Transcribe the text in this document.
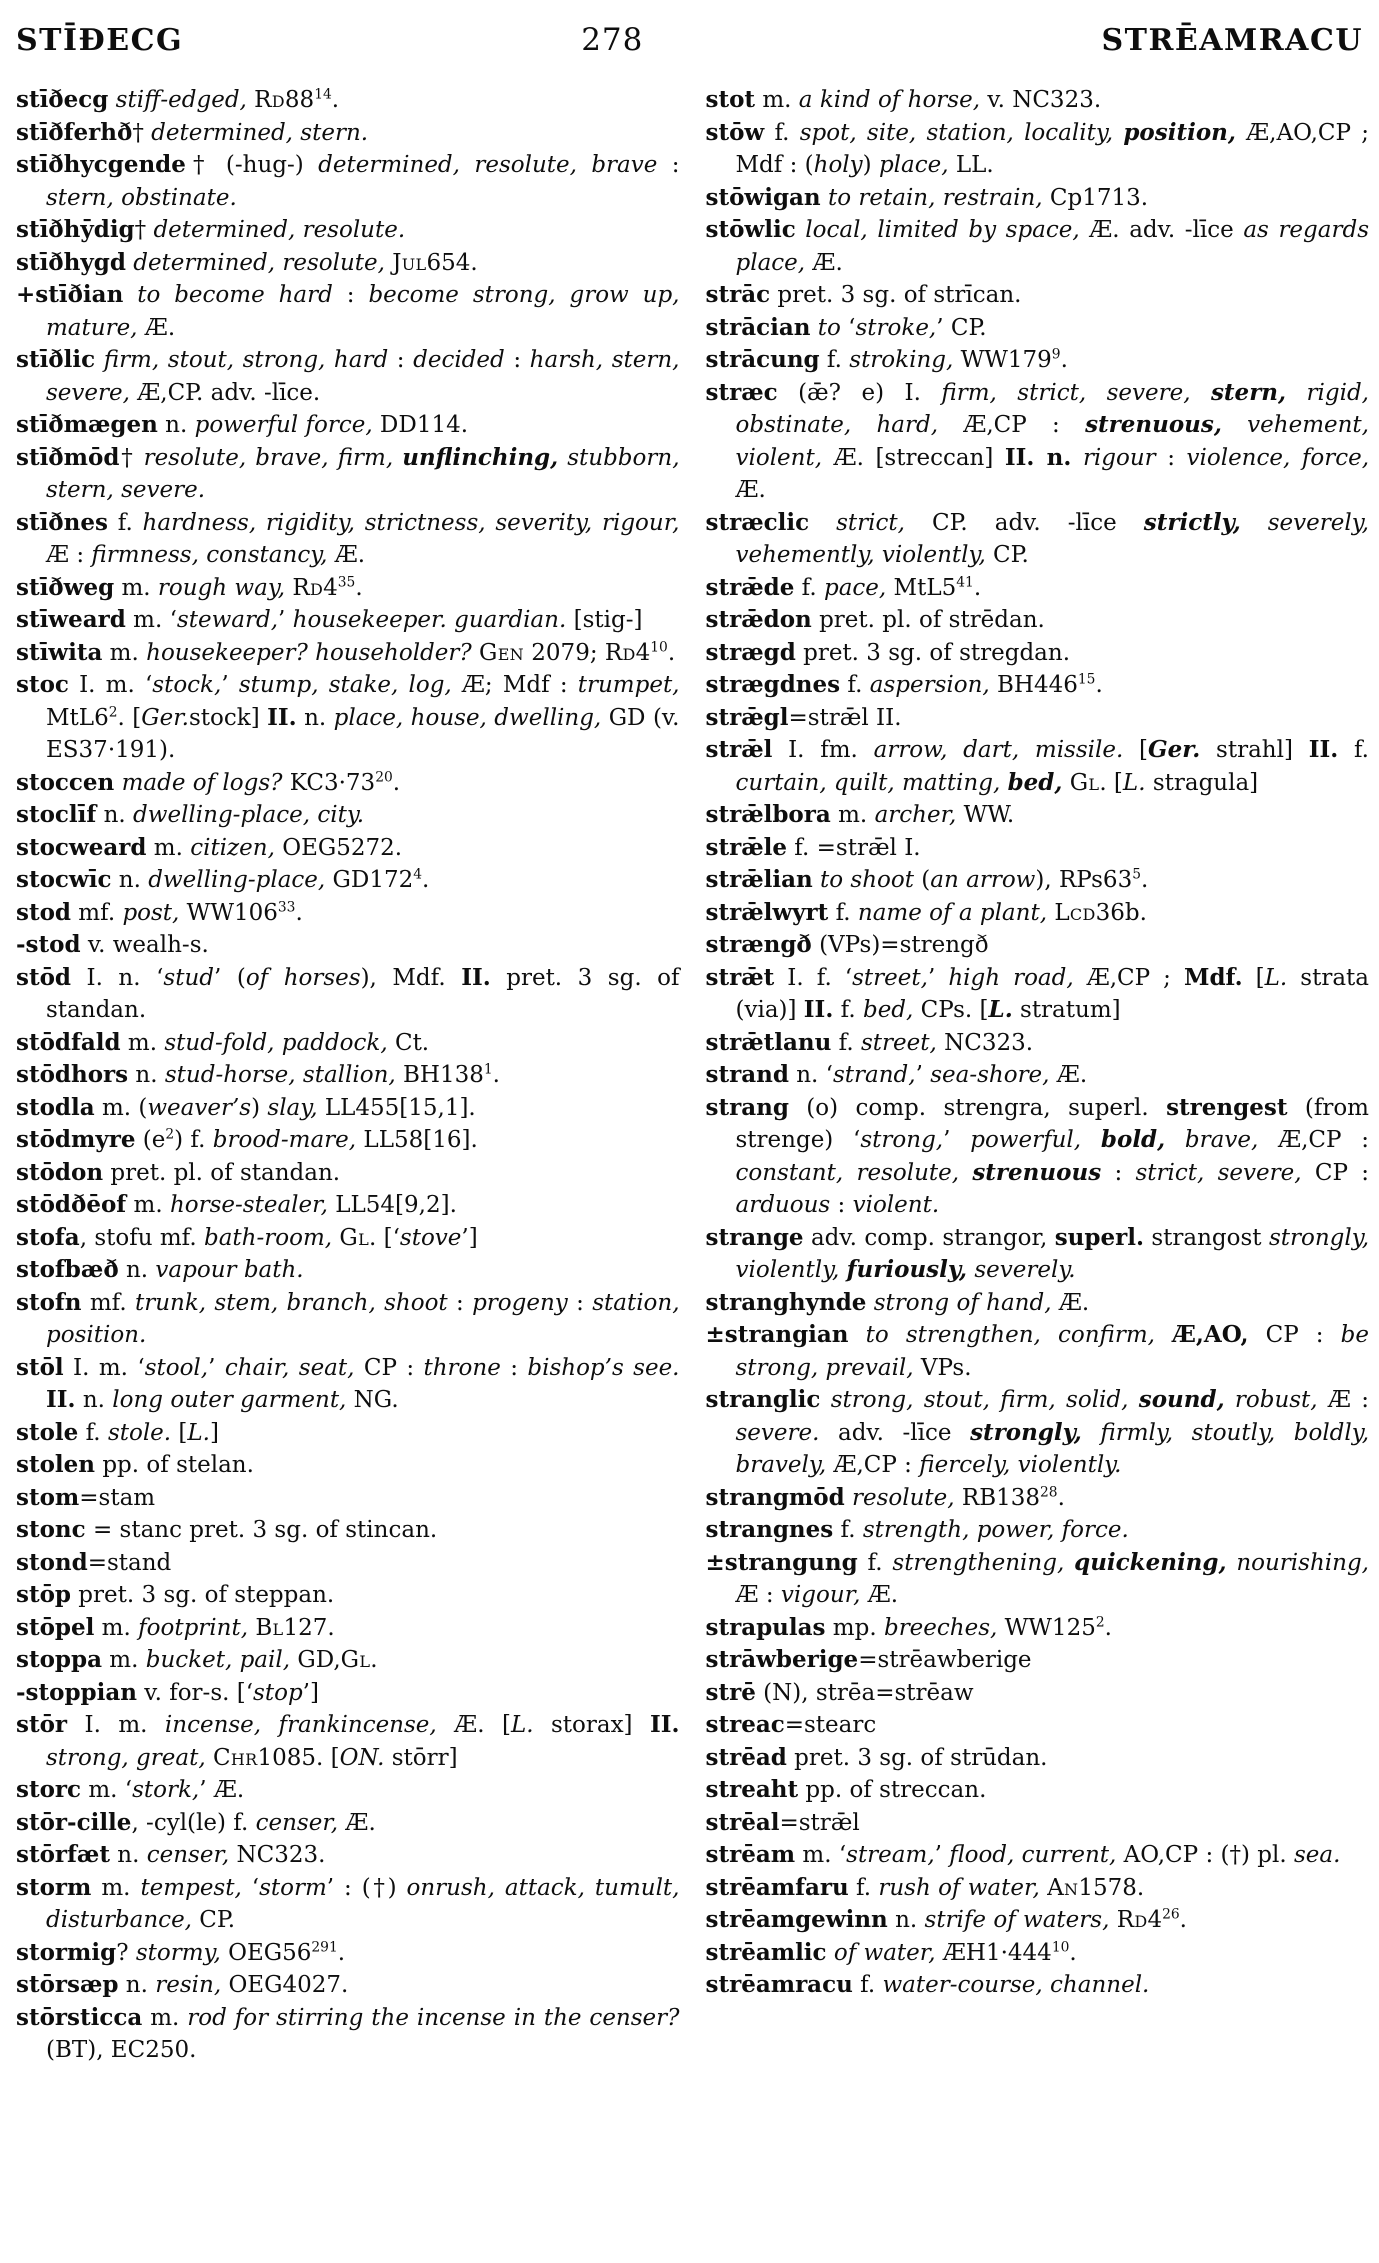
STĪÐECG	278	STRĒAMRACU
stīðecg stiff-edged, $Rd88^{14}$.
stīðferhð† determined, stern.
stīðhycgende† (-hug-) determined, resolute, brave : stern, obstinate.
stīðhȳdig† determined, resolute.
stīðhygd determined, resolute, Jul654.
+stīðian to become hard : become strong, grow up, mature, Æ.
stīðlic firm, stout, strong, hard : decided : harsh, stern, severe, Æ,CP. adv. -līce.
stīðmægen n. powerful force, DD114.
stīðmōd† resolute, brave, firm, unflinching, stubborn, stern, severe.
stīðnes f. hardness, rigidity, strictness, severity, rigour, Æ : firmness, constancy, Æ.
stīðweg m. rough way, $Rd4^{35}$.
stīweard m. ‘steward,’ housekeeper. guardian. [stig-]
stīwita m. housekeeper? householder? Gen 2079; $Rd4^{10}$.
stoc I. m. ‘stock,’ stump, stake, log, Æ; Mdf : trumpet, $MtL6^2$. [Ger.stock] II. n. place, house, dwelling, GD (v. ES37·191).
stoccen made of logs? $KC3\cdot 73^{20}$.
stoclīf n. dwelling-place, city.
stocweard m. citizen, OEG5272.
stocwīc n. dwelling-place, $GD172^4$.
stod mf. post, $WW106^{33}$.
-stod v. wealh-s.
stōd I. n. ‘stud’ (of horses), Mdf. II. pret. 3 sg. of standan.
stōdfald m. stud-fold, paddock, Ct.
stōdhors n. stud-horse, stallion, $BH138^1$.
stodla m. (weaver’s) slay, LL455[15,1].
stōdmyre $(e^2)$ f. brood-mare, LL58[16].
stōdon pret. pl. of standan.
stōdðēof m. horse-stealer, LL54[9,2].
stofa, stofu mf. bath-room, Gl. [‘stove’]
stofbæð n. vapour bath.
stofn mf. trunk, stem, branch, shoot : progeny : station, position.
stōl I. m. ‘stool,’ chair, seat, CP : throne : bishop’s see. II. n. long outer garment, NG.
stole f. stole. [L.]
stolen pp. of stelan.
stom=stam
stonc = stanc pret. 3 sg. of stincan.
stond=stand
stōp pret. 3 sg. of steppan.
stōpel m. footprint, Bl127.
stoppa m. bucket, pail, GD,Gl.
-stoppian v. for-s. [‘stop’]
stōr I. m. incense, frankincense, Æ. [L. storax] II. strong, great, Chr1085. [ON. stōrr]
storc m. ‘stork,’ Æ.
stōr-cille, -cyl(le) f. censer, Æ.
stōrfæt n. censer, NC323.
storm m. tempest, ‘storm’ : (†) onrush, attack, tumult, disturbance, CP.
stormig? stormy, $OEG56^{291}$.
stōrsæp n. resin, OEG4027.
stōrsticca m. rod for stirring the incense in the censer? (BT), EC250.
stot m. a kind of horse, v. NC323.
stōw f. spot, site, station, locality, position, Æ,AO,CP ; Mdf : (holy) place, LL.
stōwigan to retain, restrain, Cp1713.
stōwlic local, limited by space, Æ. adv. -līce as regards place, Æ.
strāc pret. 3 sg. of strīcan.
strācian to ‘stroke,’ CP.
strācung f. stroking, $WW179^9$.
stræc (ǣ? e) I. firm, strict, severe, stern, rigid, obstinate, hard, Æ,CP : strenuous, vehement, violent, Æ. [streccan] II. n. rigour : violence, force, Æ.
stræclic strict, CP. adv. -līce strictly, severely, vehemently, violently, CP.
strǣde f. pace, $MtL5^{41}$.
strǣdon pret. pl. of strēdan.
strægd pret. 3 sg. of stregdan.
strægdnes f. aspersion, $BH446^{15}$.
strǣgl=strǣl II.
strǣl I. fm. arrow, dart, missile. [Ger. strahl] II. f. curtain, quilt, matting, bed, Gl. [L. stragula]
strǣlbora m. archer, WW.
strǣle f. =strǣl I.
strǣlian to shoot (an arrow), $RPs63^5$.
strǣlwyrt f. name of a plant, Lcd36b.
strængð (VPs)=strengð
strǣt I. f. ‘street,’ high road, Æ,CP ; Mdf. [L. strata (via)] II. f. bed, CPs. [L. stratum]
strǣtlanu f. street, NC323.
strand n. ‘strand,’ sea-shore, Æ.
strang (o) comp. strengra, superl. strengest (from strenge) ‘strong,’ powerful, bold, brave, Æ,CP : constant, resolute, strenuous : strict, severe, CP : arduous : violent.
strange adv. comp. strangor, superl. strangost strongly, violently, furiously, severely.
stranghynde strong of hand, Æ.
±strangian to strengthen, confirm, Æ,AO, CP : be strong, prevail, VPs.
stranglic strong, stout, firm, solid, sound, robust, Æ : severe. adv. -līce strongly, firmly, stoutly, boldly, bravely, Æ,CP : fiercely, violently.
strangmōd resolute, $RB138^{28}$.
strangnes f. strength, power, force.
±strangung f. strengthening, quickening, nourishing, Æ : vigour, Æ.
strapulas mp. breeches, $WW125^2$.
strāwberige=strēawberige
strē (N), strēa=strēaw
streac=stearc
strēad pret. 3 sg. of strūdan.
streaht pp. of streccan.
strēal=strǣl
strēam m. ‘stream,’ flood, current, AO,CP : (†) pl. sea.
strēamfaru f. rush of water, An1578.
strēamgewinn n. strife of waters, $Rd4^{26}$.
strēamlic of water, $ÆH1\cdot 444^{10}$.
strēamracu f. water-course, channel.
